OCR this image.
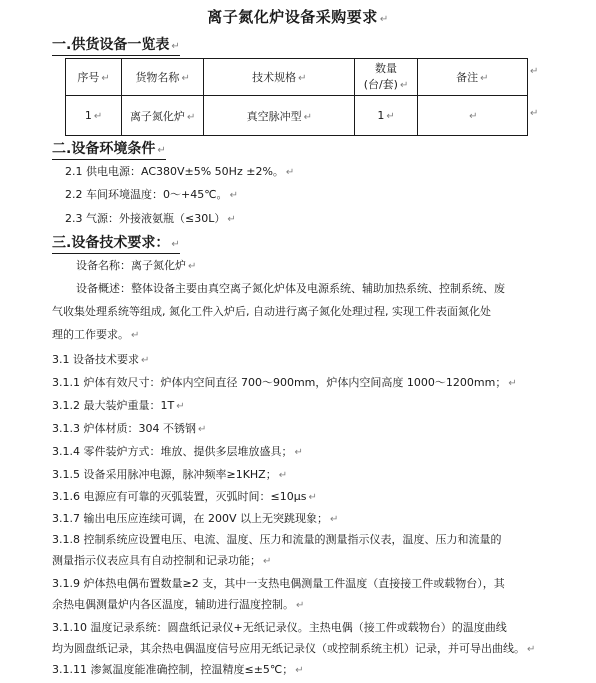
离子氮化炉设备采购要求 ↵
一.供货设备一览表 ↵
序号 ↵	货物名称 ↵	技术规格 ↵	数量
(台/套) ↵	备注 ↵
1 ↵	离子氮化炉 ↵	真空脉冲型 ↵	1 ↵	↵
↵
↵
二.设备环境条件 ↵
2.1 供电电源：AC380V±5% 50Hz ±2%。 ↵
2.2 车间环境温度：0～+45℃。 ↵
2.3 气源：外接液氨瓶（≤30L） ↵
三.设备技术要求： ↵
设备名称：离子氮化炉 ↵
设备概述：整体设备主要由真空离子氮化炉体及电源系统、辅助加热系统、控制系统、废
气收集处理系统等组成, 氮化工件入炉后, 自动进行离子氮化处理过程, 实现工件表面氮化处
理的工作要求。 ↵
3.1 设备技术要求 ↵
3.1.1 炉体有效尺寸：炉体内空间直径 700～900mm，炉体内空间高度 1000～1200mm； ↵
3.1.2 最大装炉重量：1T ↵
3.1.3 炉体材质：304 不锈钢 ↵
3.1.4 零件装炉方式：堆放、提供多层堆放盛具； ↵
3.1.5 设备采用脉冲电源，脉冲频率≥1KHZ； ↵
3.1.6 电源应有可靠的灭弧装置，灭弧时间：≤10μs ↵
3.1.7 输出电压应连续可调，在 200V 以上无突跳现象； ↵
3.1.8 控制系统应设置电压、电流、温度、压力和流量的测量指示仪表，温度、压力和流量的
测量指示仪表应具有自动控制和记录功能； ↵
3.1.9 炉体热电偶布置数量≥2 支，其中一支热电偶测量工件温度（直接接工件或载物台），其
余热电偶测量炉内各区温度，辅助进行温度控制。 ↵
3.1.10 温度记录系统：圆盘纸记录仪+无纸记录仪。主热电偶（接工件或载物台）的温度曲线
均为圆盘纸记录，其余热电偶温度信号应用无纸记录仪（或控制系统主机）记录，并可导出曲线。 ↵
3.1.11 渗氮温度能准确控制，控温精度≤±5℃； ↵
